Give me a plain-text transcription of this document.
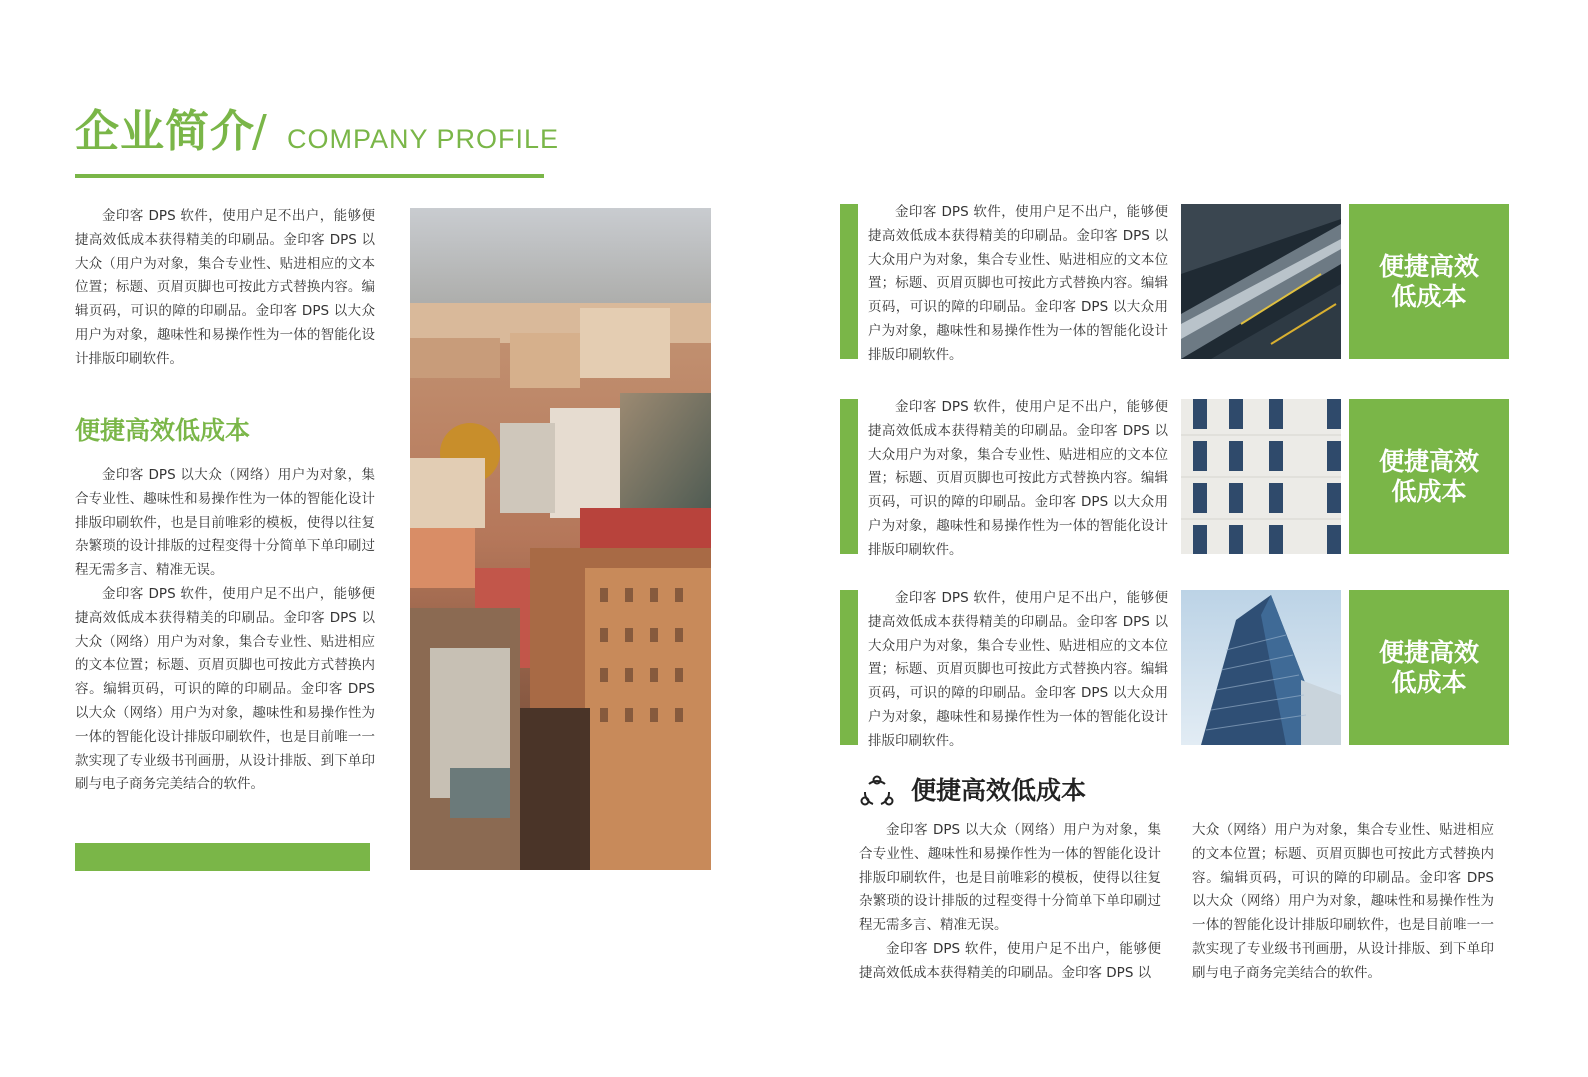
企业简介
/ COMPANY PROFILE

金印客 DPS 软件，使用户足不出户，能够便捷高效低成本获得精美的印刷品。金印客 DPS 以大众（用户为对象，集合专业性、贴进相应的文本位置；标题、页眉页脚也可按此方式替换内容。编辑页码，可识的障的印刷品。金印客 DPS 以大众用户为对象，趣味性和易操作性为一体的智能化设计排版印刷软件。

便捷高效低成本

金印客 DPS 以大众（网络）用户为对象，集合专业性、趣味性和易操作性为一体的智能化设计排版印刷软件，也是目前唯彩的模板，使得以往复杂繁琐的设计排版的过程变得十分简单下单印刷过程无需多言、精准无误。

金印客 DPS 软件，使用户足不出户，能够便捷高效低成本获得精美的印刷品。金印客 DPS 以大众（网络）用户为对象，集合专业性、贴进相应的文本位置；标题、页眉页脚也可按此方式替换内容。编辑页码，可识的障的印刷品。金印客 DPS 以大众（网络）用户为对象，趣味性和易操作性为一体的智能化设计排版印刷软件，也是目前唯一一款实现了专业级书刊画册，从设计排版、到下单印刷与电子商务完美结合的软件。

金印客 DPS 软件，使用户足不出户，能够便捷高效低成本获得精美的印刷品。金印客 DPS 以大众用户为对象，集合专业性、贴进相应的文本位置；标题、页眉页脚也可按此方式替换内容。编辑页码，可识的障的印刷品。金印客 DPS 以大众用户为对象，趣味性和易操作性为一体的智能化设计排版印刷软件。

便捷高效
低成本

金印客 DPS 软件，使用户足不出户，能够便捷高效低成本获得精美的印刷品。金印客 DPS 以大众用户为对象，集合专业性、贴进相应的文本位置；标题、页眉页脚也可按此方式替换内容。编辑页码，可识的障的印刷品。金印客 DPS 以大众用户为对象，趣味性和易操作性为一体的智能化设计排版印刷软件。

便捷高效
低成本

金印客 DPS 软件，使用户足不出户，能够便捷高效低成本获得精美的印刷品。金印客 DPS 以大众用户为对象，集合专业性、贴进相应的文本位置；标题、页眉页脚也可按此方式替换内容。编辑页码，可识的障的印刷品。金印客 DPS 以大众用户为对象，趣味性和易操作性为一体的智能化设计排版印刷软件。

便捷高效
低成本
便捷高效低成本

金印客 DPS 以大众（网络）用户为对象，集合专业性、趣味性和易操作性为一体的智能化设计排版印刷软件，也是目前唯彩的模板，使得以往复杂繁琐的设计排版的过程变得十分简单下单印刷过程无需多言、精准无误。

金印客 DPS 软件，使用户足不出户，能够便捷高效低成本获得精美的印刷品。金印客 DPS 以

大众（网络）用户为对象，集合专业性、贴进相应的文本位置；标题、页眉页脚也可按此方式替换内容。编辑页码，可识的障的印刷品。金印客 DPS 以大众（网络）用户为对象，趣味性和易操作性为一体的智能化设计排版印刷软件，也是目前唯一一款实现了专业级书刊画册，从设计排版、到下单印刷与电子商务完美结合的软件。
